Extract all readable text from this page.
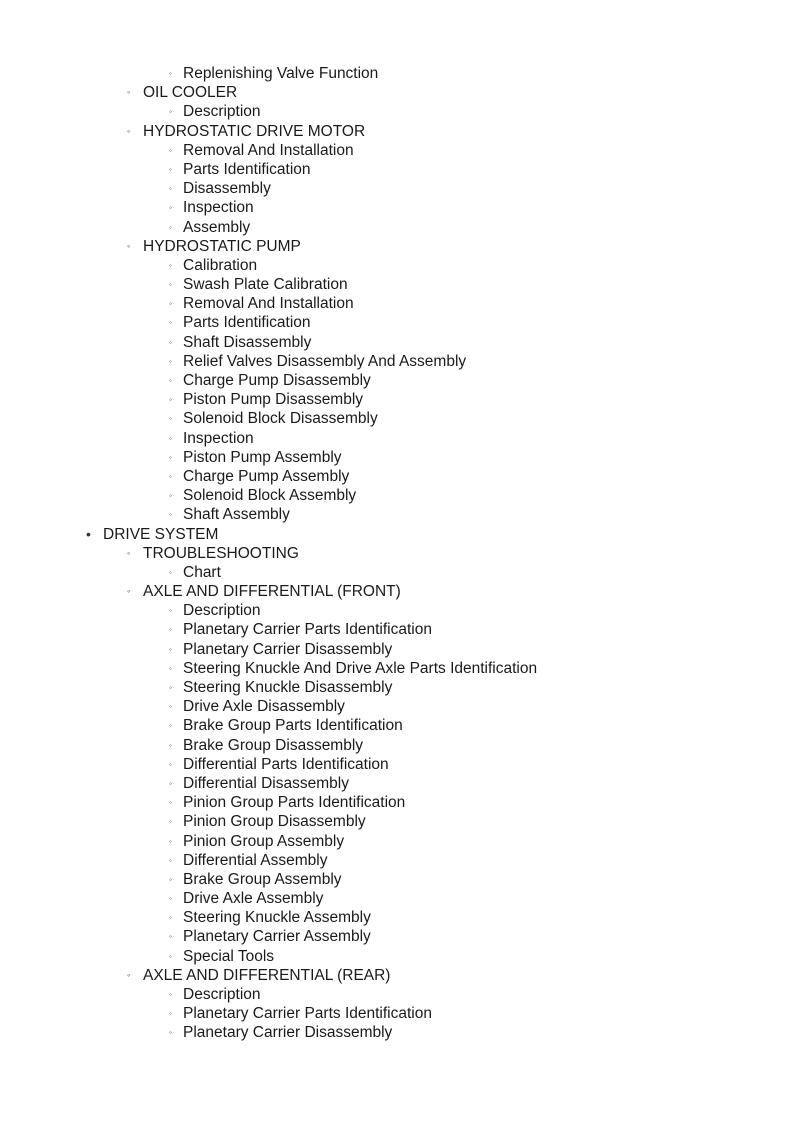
◦ Replenishing Valve Function
◦ OIL COOLER
◦ Description
◦ HYDROSTATIC DRIVE MOTOR
◦ Removal And Installation
◦ Parts Identification
◦ Disassembly
◦ Inspection
◦ Assembly
◦ HYDROSTATIC PUMP
◦ Calibration
◦ Swash Plate Calibration
◦ Removal And Installation
◦ Parts Identification
◦ Shaft Disassembly
◦ Relief Valves Disassembly And Assembly
◦ Charge Pump Disassembly
◦ Piston Pump Disassembly
◦ Solenoid Block Disassembly
◦ Inspection
◦ Piston Pump Assembly
◦ Charge Pump Assembly
◦ Solenoid Block Assembly
◦ Shaft Assembly
• DRIVE SYSTEM
◦ TROUBLESHOOTING
◦ Chart
◦ AXLE AND DIFFERENTIAL (FRONT)
◦ Description
◦ Planetary Carrier Parts Identification
◦ Planetary Carrier Disassembly
◦ Steering Knuckle And Drive Axle Parts Identification
◦ Steering Knuckle Disassembly
◦ Drive Axle Disassembly
◦ Brake Group Parts Identification
◦ Brake Group Disassembly
◦ Differential Parts Identification
◦ Differential Disassembly
◦ Pinion Group Parts Identification
◦ Pinion Group Disassembly
◦ Pinion Group Assembly
◦ Differential Assembly
◦ Brake Group Assembly
◦ Drive Axle Assembly
◦ Steering Knuckle Assembly
◦ Planetary Carrier Assembly
◦ Special Tools
◦ AXLE AND DIFFERENTIAL (REAR)
◦ Description
◦ Planetary Carrier Parts Identification
◦ Planetary Carrier Disassembly
